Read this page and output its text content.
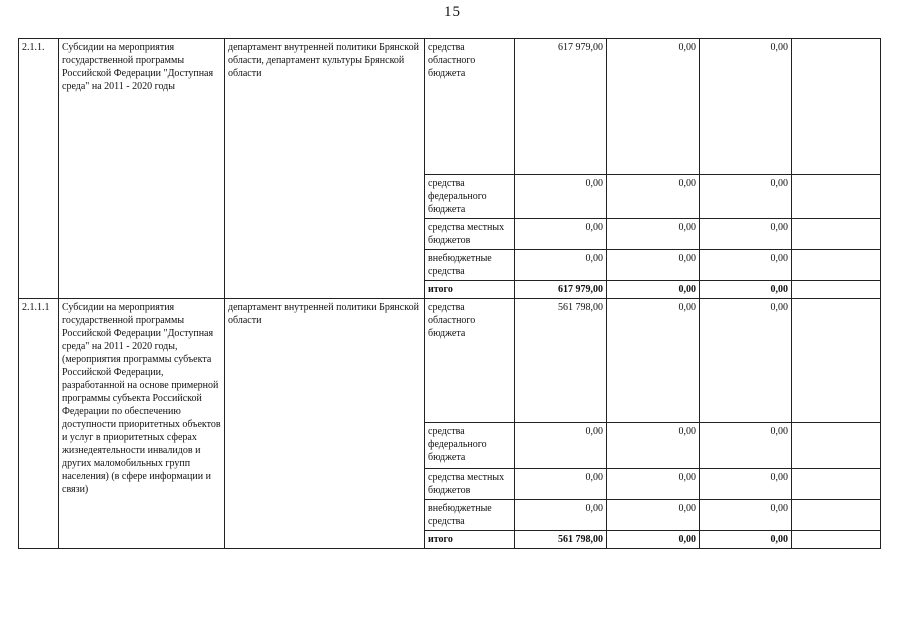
15
2.1.1.	Субсидии на мероприятия государственной программы Российской Федерации "Доступная среда" на 2011 - 2020 годы	департамент внутренней политики Брянской области, департамент культуры Брянской области	средства областного бюджета	617 979,00	0,00	0,00	
			средства федерального бюджета	0,00	0,00	0,00	
			средства местных бюджетов	0,00	0,00	0,00	
			внебюджетные средства	0,00	0,00	0,00	
			итого	617 979,00	0,00	0,00	
2.1.1.1	Субсидии на мероприятия государственной программы Российской Федерации "Доступная среда" на 2011 - 2020 годы, (мероприятия программы субъекта Российской Федерации, разработанной на основе примерной программы субъекта Российской Федерации по обеспечению доступности приоритетных объектов и услуг в приоритетных сферах жизнедеятельности инвалидов и других маломобильных групп населения) (в сфере информации и связи)	департамент внутренней политики Брянской области	средства областного бюджета	561 798,00	0,00	0,00	
			средства федерального бюджета	0,00	0,00	0,00	
			средства местных бюджетов	0,00	0,00	0,00	
			внебюджетные средства	0,00	0,00	0,00	
			итого	561 798,00	0,00	0,00	
